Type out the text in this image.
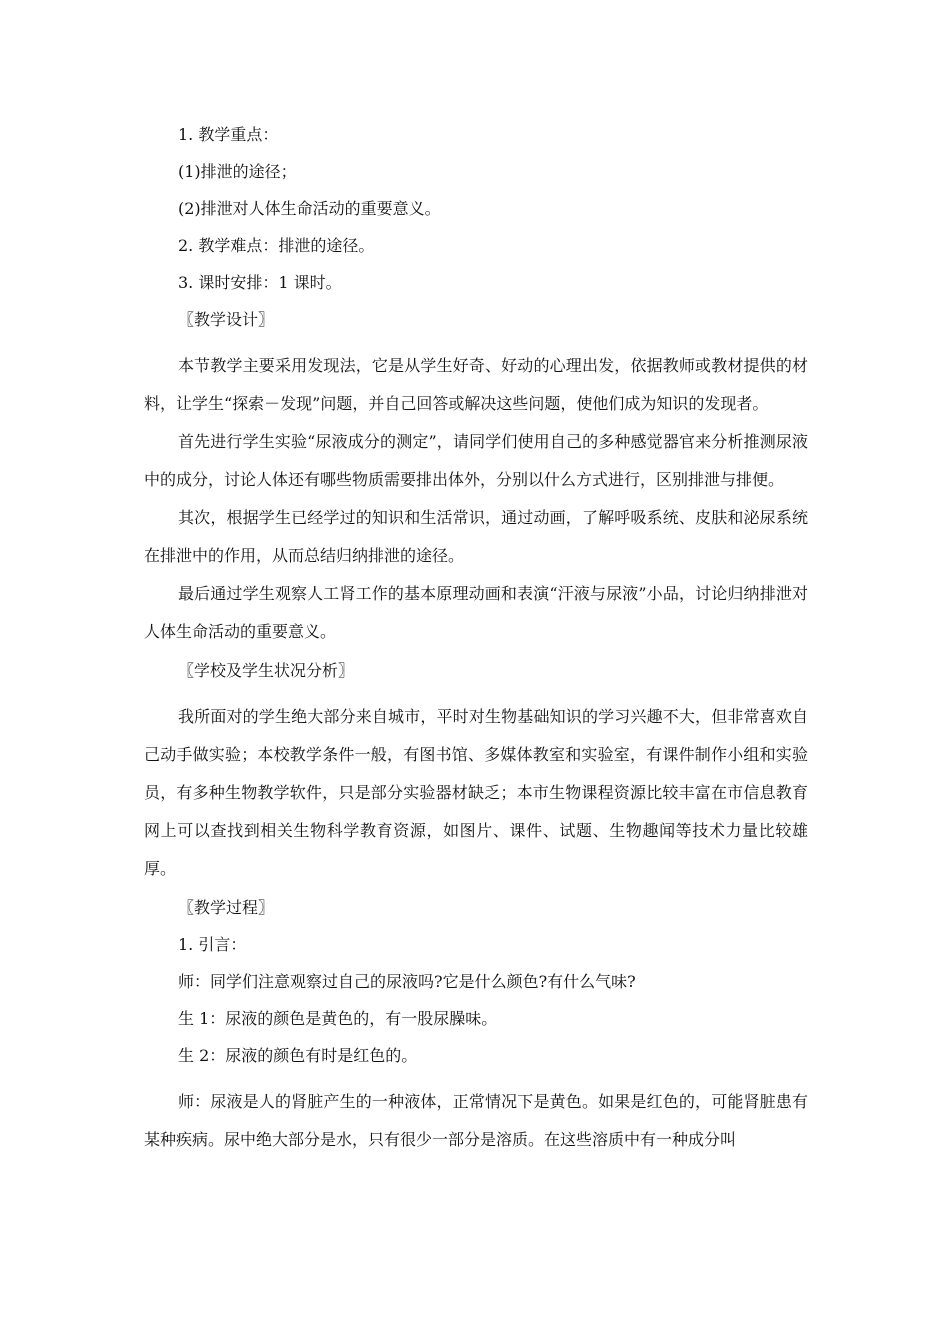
1. 教学重点：

(1)排泄的途径；

(2)排泄对人体生命活动的重要意义。

2. 教学难点：排泄的途径。

3. 课时安排：1 课时。

〖教学设计〗

本节教学主要采用发现法，它是从学生好奇、好动的心理出发，依据教师或教材提供的材料，让学生“探索－发现”问题，并自己回答或解决这些问题，使他们成为知识的发现者。

首先进行学生实验“尿液成分的测定”，请同学们使用自己的多种感觉器官来分析推测尿液中的成分，讨论人体还有哪些物质需要排出体外，分别以什么方式进行，区别排泄与排便。

其次，根据学生已经学过的知识和生活常识，通过动画，了解呼吸系统、皮肤和泌尿系统在排泄中的作用，从而总结归纳排泄的途径。

最后通过学生观察人工肾工作的基本原理动画和表演“汗液与尿液”小品，讨论归纳排泄对人体生命活动的重要意义。

〖学校及学生状况分析〗

我所面对的学生绝大部分来自城市，平时对生物基础知识的学习兴趣不大，但非常喜欢自己动手做实验；本校教学条件一般，有图书馆、多媒体教室和实验室，有课件制作小组和实验员，有多种生物教学软件，只是部分实验器材缺乏；本市生物课程资源比较丰富在市信息教育网上可以查找到相关生物科学教育资源，如图片、课件、试题、生物趣闻等技术力量比较雄厚。

〖教学过程〗

1. 引言：

师：同学们注意观察过自己的尿液吗?它是什么颜色?有什么气味?

生 1：尿液的颜色是黄色的，有一股尿臊味。

生 2：尿液的颜色有时是红色的。

师：尿液是人的肾脏产生的一种液体，正常情况下是黄色。如果是红色的，可能肾脏患有某种疾病。尿中绝大部分是水，只有很少一部分是溶质。在这些溶质中有一种成分叫
